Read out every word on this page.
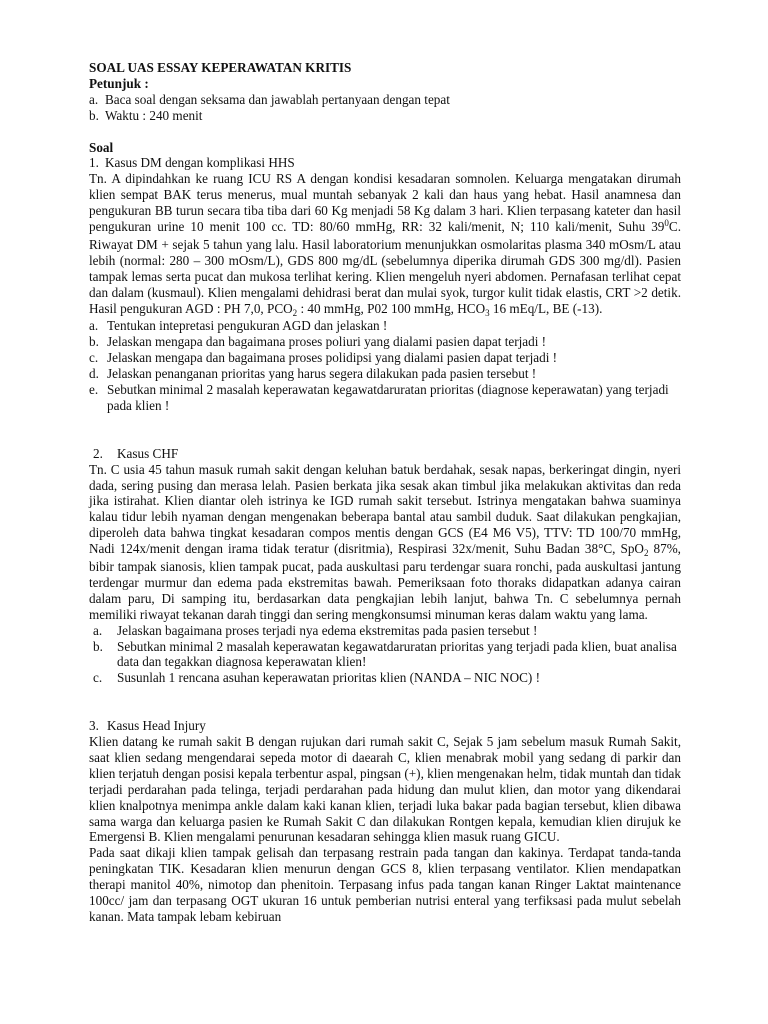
SOAL UAS ESSAY KEPERAWATAN KRITIS
Petunjuk :
a. Baca soal dengan seksama dan jawablah pertanyaan dengan tepat
b. Waktu : 240 menit
Soal
1. Kasus DM dengan komplikasi HHS
Tn. A dipindahkan ke ruang ICU RS A dengan kondisi kesadaran somnolen. Keluarga mengatakan dirumah klien sempat BAK terus menerus, mual muntah sebanyak 2 kali dan haus yang hebat. Hasil anamnesa dan pengukuran BB turun secara tiba tiba dari 60 Kg menjadi 58 Kg dalam 3 hari. Klien terpasang kateter dan hasil pengukuran urine 10 menit 100 cc. TD: 80/60 mmHg, RR: 32 kali/menit, N; 110 kali/menit, Suhu $39^0C$. Riwayat DM + sejak 5 tahun yang lalu. Hasil laboratorium menunjukkan osmolaritas plasma 340 mOsm/L atau lebih (normal: 280 – 300 mOsm/L), GDS 800 mg/dL (sebelumnya diperika dirumah GDS 300 mg/dl). Pasien tampak lemas serta pucat dan mukosa terlihat kering. Klien mengeluh nyeri abdomen. Pernafasan terlihat cepat dan dalam (kusmaul). Klien mengalami dehidrasi berat dan mulai syok, turgor kulit tidak elastis, CRT >2 detik. Hasil pengukuran AGD : PH 7,0, $PCO_2$ : 40 mmHg, P02 100 mmHg, $HCO_3$ 16 mEq/L, BE (-13).
a. Tentukan intepretasi pengukuran AGD dan jelaskan !
b. Jelaskan mengapa dan bagaimana proses poliuri yang dialami pasien dapat terjadi !
c. Jelaskan mengapa dan bagaimana proses polidipsi yang dialami pasien dapat terjadi !
d. Jelaskan penanganan prioritas yang harus segera dilakukan pada pasien tersebut !
e. Sebutkan minimal 2 masalah keperawatan kegawatdaruratan prioritas (diagnose keperawatan) yang terjadi pada klien !
2.	Kasus CHF
Tn. C usia 45 tahun masuk rumah sakit dengan keluhan batuk berdahak, sesak napas, berkeringat dingin, nyeri dada, sering pusing dan merasa lelah. Pasien berkata jika sesak akan timbul jika melakukan aktivitas dan reda jika istirahat. Klien diantar oleh istrinya ke IGD rumah sakit tersebut. Istrinya mengatakan bahwa suaminya kalau tidur lebih nyaman dengan mengenakan beberapa bantal atau sambil duduk. Saat dilakukan pengkajian, diperoleh data bahwa tingkat kesadaran compos mentis dengan GCS (E4 M6 V5), TTV: TD 100/70 mmHg, Nadi 124x/menit dengan irama tidak teratur (disritmia), Respirasi 32x/menit, Suhu Badan 38°C, SpO$_2$ 87%, bibir tampak sianosis, klien tampak pucat, pada auskultasi paru terdengar suara ronchi, pada auskultasi jantung terdengar murmur dan edema pada ekstremitas bawah. Pemeriksaan foto thoraks didapatkan adanya cairan dalam paru, Di samping itu, berdasarkan data pengkajian lebih lanjut, bahwa Tn. C sebelumnya pernah memiliki riwayat tekanan darah tinggi dan sering mengkonsumsi minuman keras dalam waktu yang lama.
a.	Jelaskan bagaimana proses terjadi nya edema ekstremitas pada pasien tersebut !
b.	Sebutkan minimal 2 masalah keperawatan kegawatdaruratan prioritas yang terjadi pada klien, buat analisa data dan tegakkan diagnosa keperawatan klien!
c.	Susunlah 1 rencana asuhan keperawatan prioritas klien (NANDA – NIC NOC) !
3. Kasus Head Injury
Klien datang ke rumah sakit B dengan rujukan dari rumah sakit C, Sejak 5 jam sebelum masuk Rumah Sakit, saat klien sedang mengendarai sepeda motor di daearah C, klien menabrak mobil yang sedang di parkir dan klien terjatuh dengan posisi kepala terbentur aspal, pingsan (+), klien mengenakan helm, tidak muntah dan tidak terjadi perdarahan pada telinga, terjadi perdarahan pada hidung dan mulut klien, dan motor yang dikendarai klien knalpotnya menimpa ankle dalam kaki kanan klien, terjadi luka bakar pada bagian tersebut, klien dibawa sama warga dan keluarga pasien ke Rumah Sakit C dan dilakukan Rontgen kepala, kemudian klien dirujuk ke Emergensi B. Klien mengalami penurunan kesadaran sehingga klien masuk ruang GICU.
Pada saat dikaji klien tampak gelisah dan terpasang restrain pada tangan dan kakinya. Terdapat tanda-tanda peningkatan TIK. Kesadaran klien menurun dengan GCS 8, klien terpasang ventilator. Klien mendapatkan therapi manitol 40%, nimotop dan phenitoin. Terpasang infus pada tangan kanan Ringer Laktat maintenance 100cc/ jam dan terpasang OGT ukuran 16 untuk pemberian nutrisi enteral yang terfiksasi pada mulut sebelah kanan. Mata tampak lebam kebiruan
